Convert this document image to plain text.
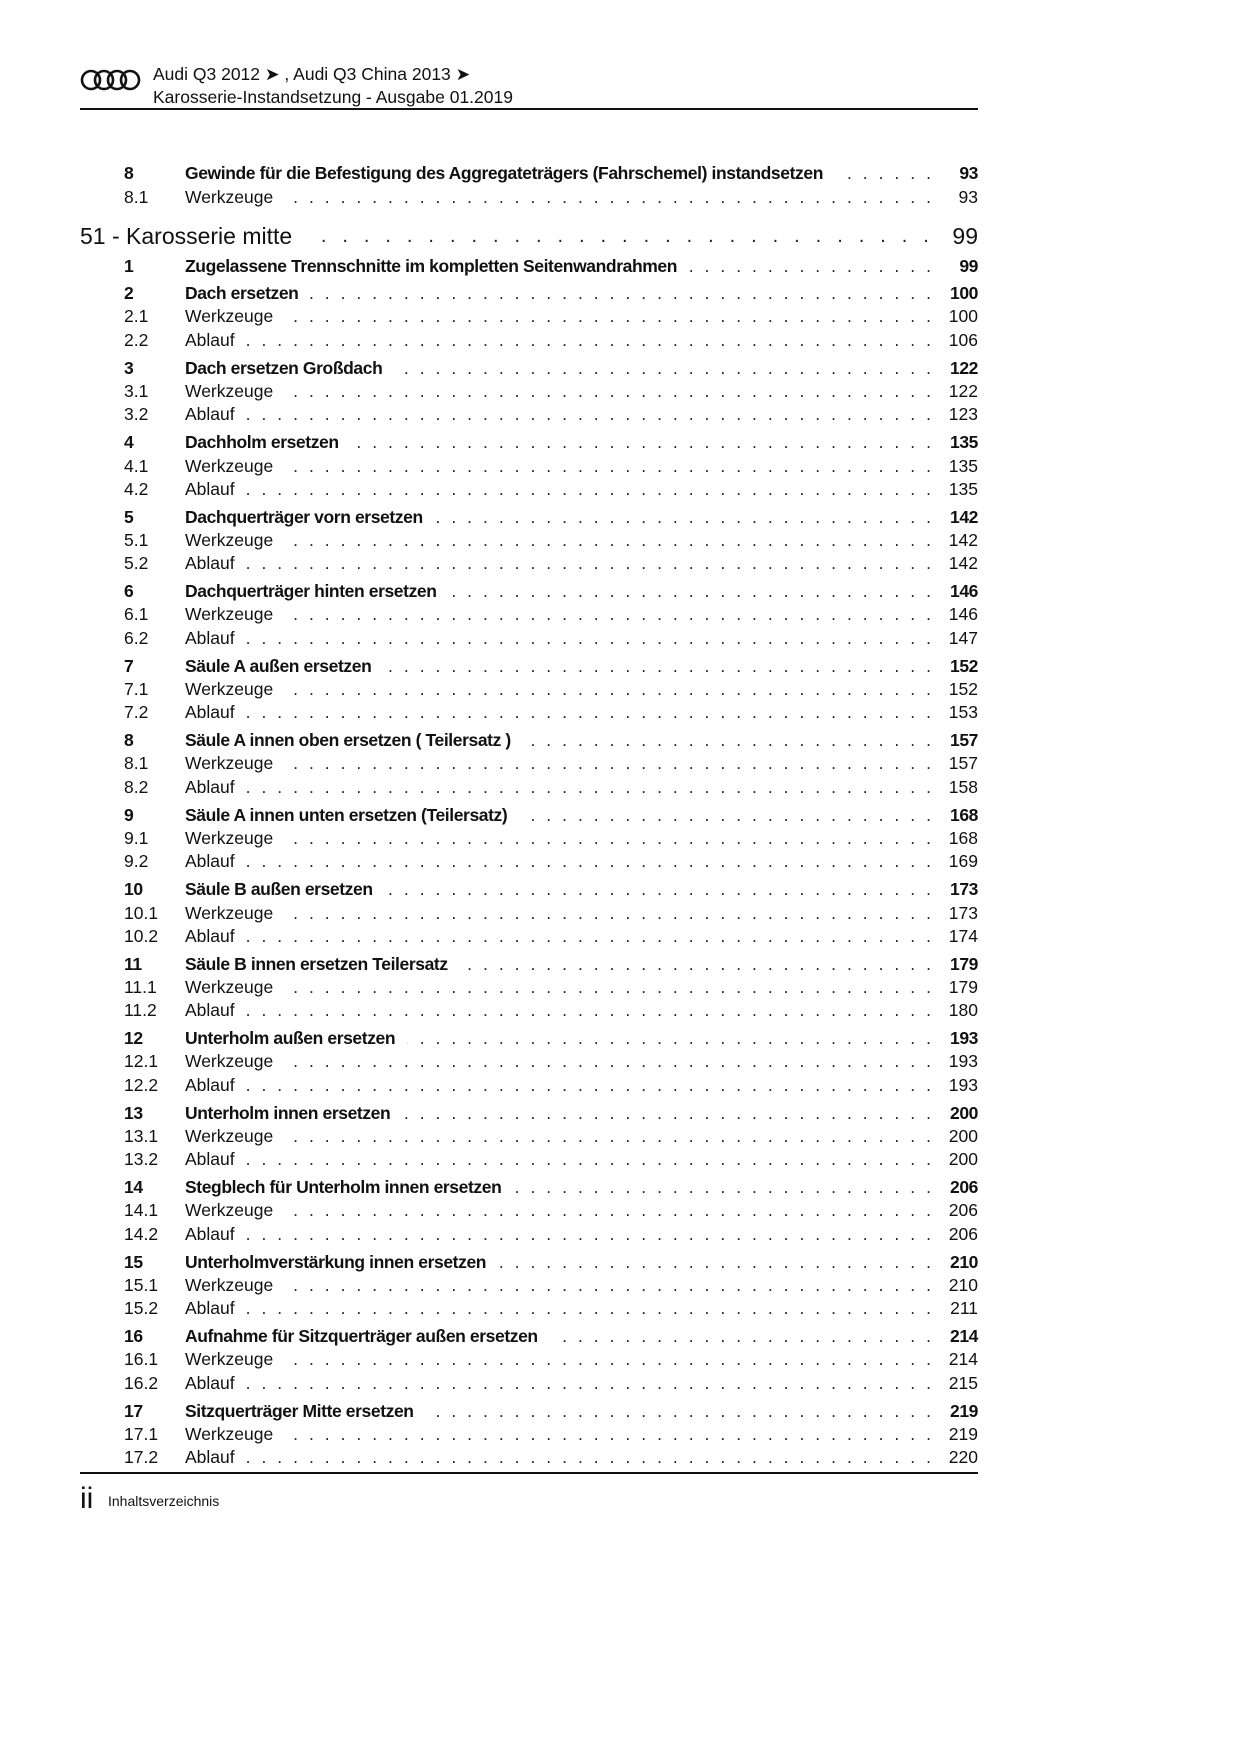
Audi Q3 2012 ➤ , Audi Q3 China 2013 ➤
Karosserie-Instandsetzung - Ausgabe 01.2019
8 . . .	Gewinde für die Befestigung des Aggregateträgers (Fahrschemel) instandsetzen	93
8.1 . . . Werkzeuge	93
. . .
51 - Karosserie mitte	99
1 . . .	Zugelassene Trennschnitte im kompletten Seitenwandrahmen	99
2 . . .	Dach ersetzen	100
2.1 . . . Werkzeuge	100
2.2 . . . Ablauf	106
3 . . .	Dach ersetzen Großdach	122
3.1 . . . Werkzeuge	122
3.2 . . . Ablauf	123
4 . . .	Dachholm ersetzen	135
4.1 . . . Werkzeuge	135
4.2 . . . Ablauf	135
5 . . .	Dachquerträger vorn ersetzen	142
5.1 . . . Werkzeuge	142
5.2 . . . Ablauf	142
6 . . .	Dachquerträger hinten ersetzen	146
6.1 . . . Werkzeuge	146
6.2 . . . Ablauf	147
7 . . .	Säule A außen ersetzen	152
7.1 . . . Werkzeuge	152
7.2 . . . Ablauf	153
8 . . .	Säule A innen oben ersetzen ( Teilersatz )	157
8.1 . . . Werkzeuge	157
8.2 . . . Ablauf	158
9 . . .	Säule A innen unten ersetzen (Teilersatz)	168
9.1 . . . Werkzeuge	168
9.2 . . . Ablauf	169
10 . . . Säule B außen ersetzen	173
10.1 . . . Werkzeuge	173
10.2 . . . Ablauf	174
11 . . . Säule B innen ersetzen Teilersatz	179
11.1 . . . Werkzeuge	179
11.2 . . . Ablauf	180
12 . . . Unterholm außen ersetzen	193
12.1 . . . Werkzeuge	193
12.2 . . . Ablauf	193
13 . . . Unterholm innen ersetzen	200
13.1 . . . Werkzeuge	200
13.2 . . . Ablauf	200
14 . . . Stegblech für Unterholm innen ersetzen	206
14.1 . . . Werkzeuge	206
14.2 . . . Ablauf	206
15 . . . Unterholmverstärkung innen ersetzen	210
15.1 . . . Werkzeuge	210
15.2 . . . Ablauf	211
16 . . . Aufnahme für Sitzquerträger außen ersetzen	214
16.1 . . . Werkzeuge	214
16.2 . . . Ablauf	215
17 . . . Sitzquerträger Mitte ersetzen	219
17.1 . . . Werkzeuge	219
17.2 . . . Ablauf	220
ii Inhaltsverzeichnis
